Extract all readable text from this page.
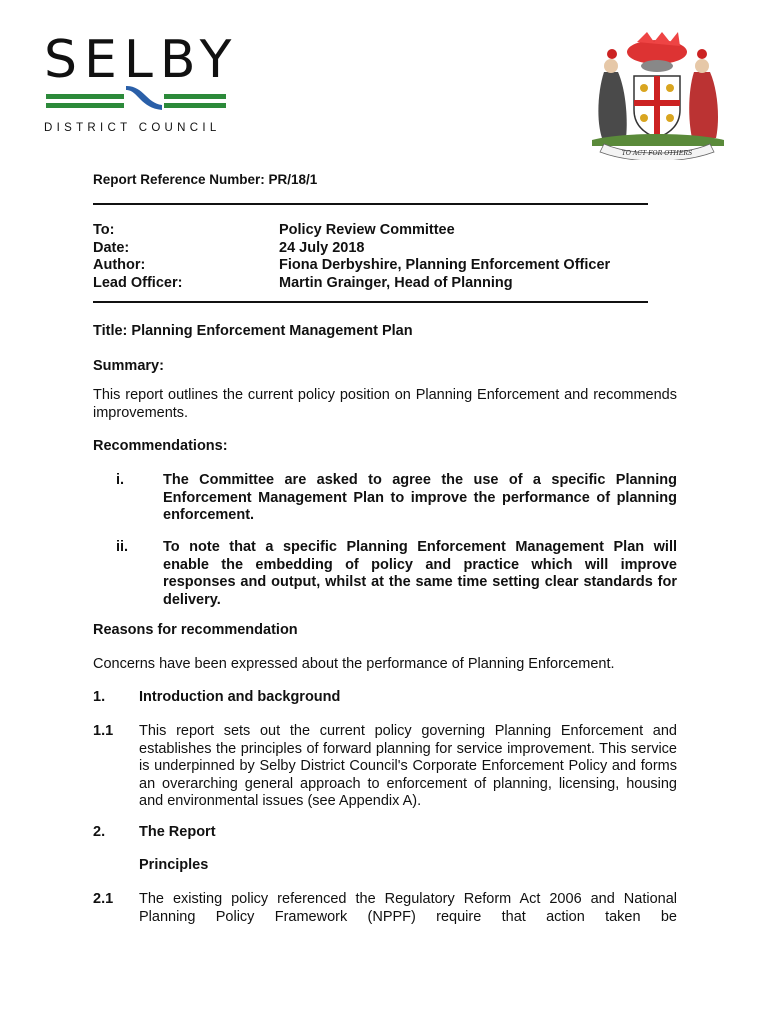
SELBY
DISTRICT COUNCIL
TO ACT FOR OTHERS
Report Reference Number: PR/18/1
To:	Policy Review Committee
Date:	24 July 2018
Author:	Fiona Derbyshire, Planning Enforcement Officer
Lead Officer:	Martin Grainger, Head of Planning
Title: Planning Enforcement Management Plan
Summary:
This report outlines the current policy position on Planning Enforcement and recommends improvements.
Recommendations:
i.	The Committee are asked to agree the use of a specific Planning Enforcement Management Plan to improve the performance of planning enforcement.
ii.	To note that a specific Planning Enforcement Management Plan will enable the embedding of policy and practice which will improve responses and output, whilst at the same time setting clear standards for delivery.
Reasons for recommendation
Concerns have been expressed about the performance of Planning Enforcement.
1.	Introduction and background
1.1	This report sets out the current policy governing Planning Enforcement and establishes the principles of forward planning for service improvement. This service is underpinned by Selby District Council's Corporate Enforcement Policy and forms an overarching general approach to enforcement of planning, licensing, housing and environmental issues (see Appendix A).
2.	The Report
Principles
2.1	The existing policy referenced the Regulatory Reform Act 2006 and National Planning Policy Framework (NPPF) require that action taken be
